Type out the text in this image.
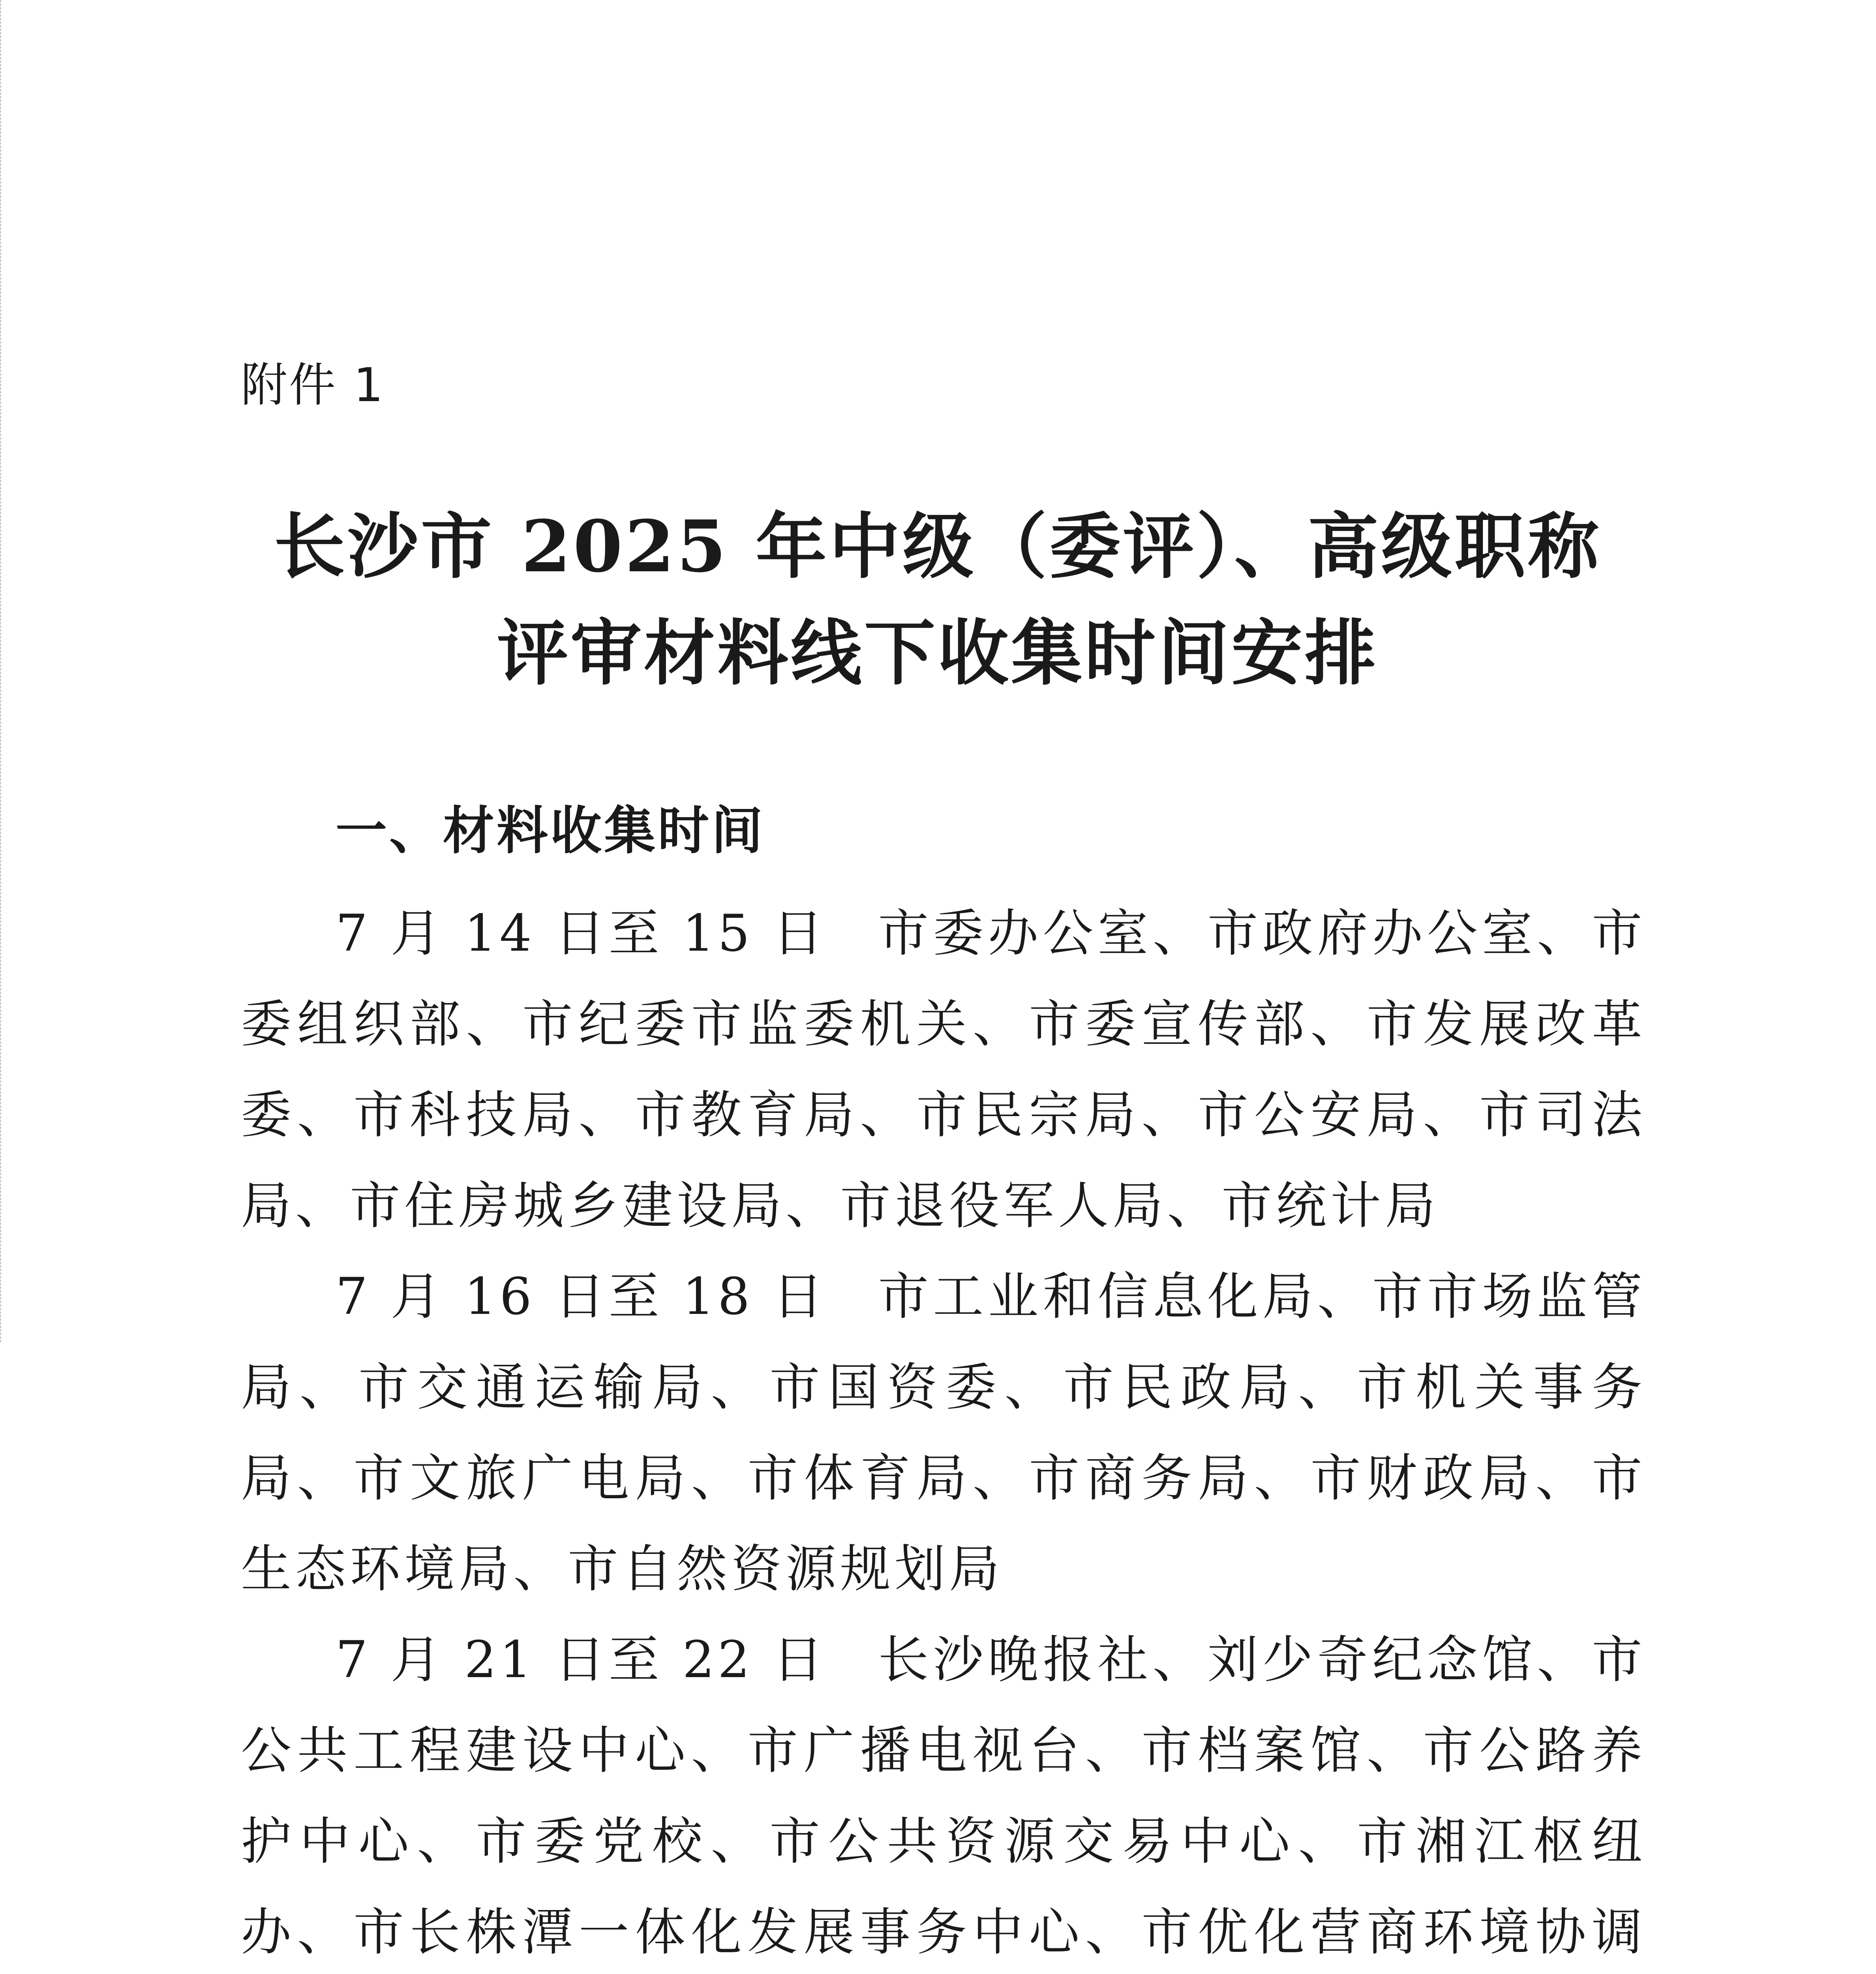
附件 1
长沙市 2025 年中级（委评）、高级职称
评审材料线下收集时间安排
一、材料收集时间

7 月 14 日至 15 日 市委办公室、市政府办公室、市委组织部、市纪委市监委机关、市委宣传部、市发展改革委、市科技局、市教育局、市民宗局、市公安局、市司法局、市住房城乡建设局、市退役军人局、市统计局

7 月 16 日至 18 日 市工业和信息化局、市市场监管局、市交通运输局、市国资委、市民政局、市机关事务局、市文旅广电局、市体育局、市商务局、市财政局、市生态环境局、市自然资源规划局

7 月 21 日至 22 日 长沙晚报社、刘少奇纪念馆、市公共工程建设中心、市广播电视台、市档案馆、市公路养护中心、市委党校、市公共资源交易中心、市湘江枢纽办、市长株潭一体化发展事务中心、市优化营商环境协调
